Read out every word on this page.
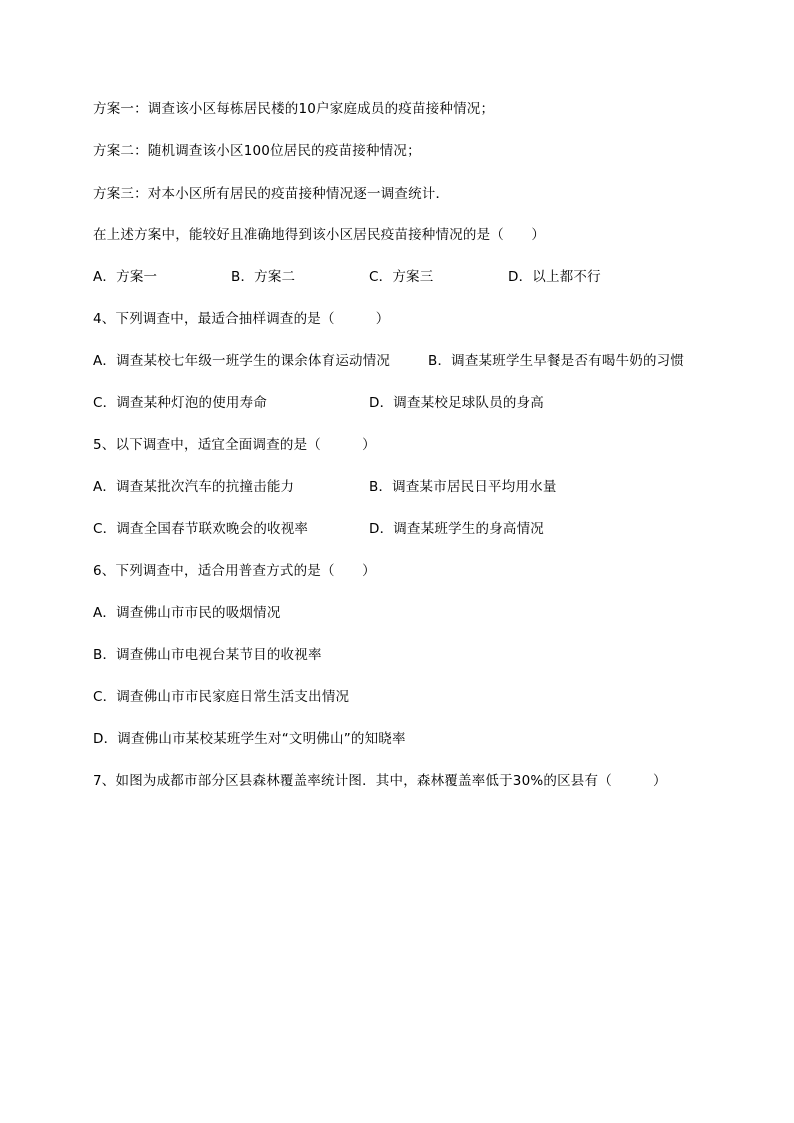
方案一：调查该小区每栋居民楼的10户家庭成员的疫苗接种情况；
方案二：随机调查该小区100位居民的疫苗接种情况；
方案三：对本小区所有居民的疫苗接种情况逐一调查统计．
在上述方案中，能较好且准确地得到该小区居民疫苗接种情况的是（　　）
A．方案一	B．方案二	C．方案三	D．以上都不行
4、下列调查中，最适合抽样调查的是（　　　）
A．调查某校七年级一班学生的课余体育运动情况	B．调查某班学生早餐是否有喝牛奶的习惯
C．调查某种灯泡的使用寿命	D．调查某校足球队员的身高
5、以下调查中，适宜全面调查的是（　　　）
A．调查某批次汽车的抗撞击能力	B．调查某市居民日平均用水量
C．调查全国春节联欢晚会的收视率	D．调查某班学生的身高情况
6、下列调查中，适合用普查方式的是（　　）
A．调查佛山市市民的吸烟情况
B．调查佛山市电视台某节目的收视率
C．调查佛山市市民家庭日常生活支出情况
D．调查佛山市某校某班学生对“文明佛山”的知晓率
7、如图为成都市部分区县森林覆盖率统计图．其中，森林覆盖率低于30%的区县有（　　　）
